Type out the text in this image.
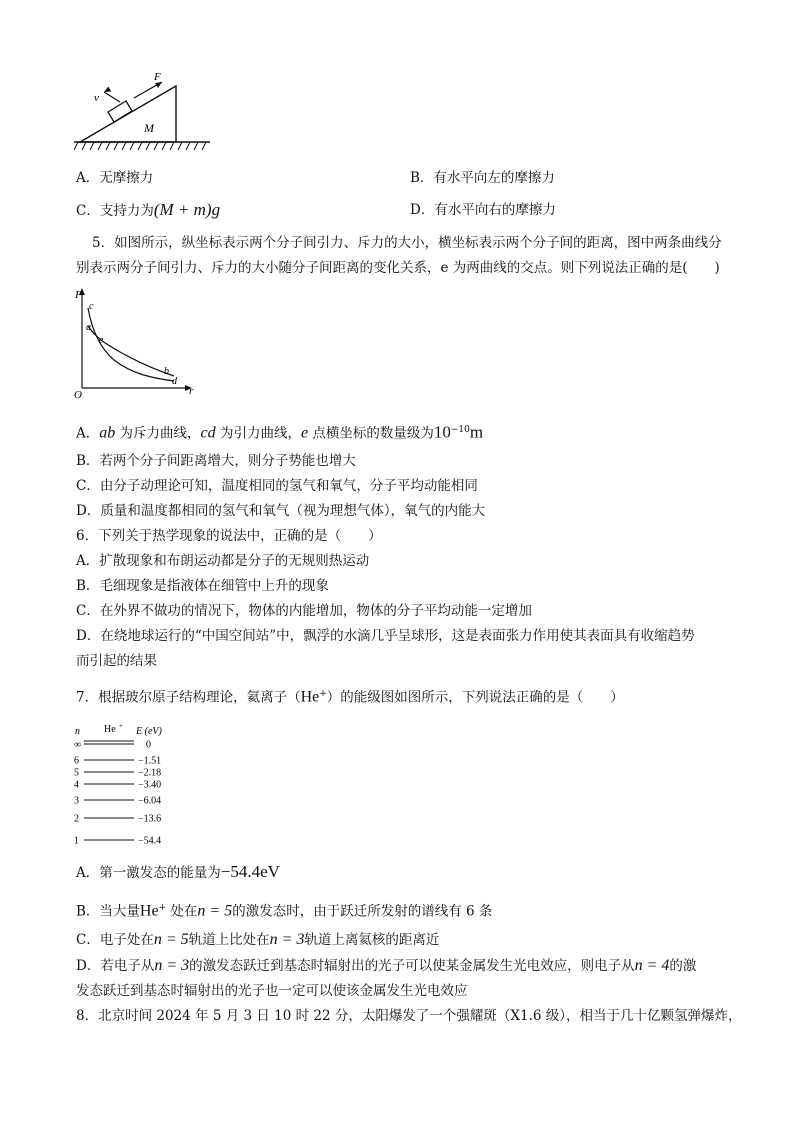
v
F
M
A．无摩擦力	B．有水平向左的摩擦力
C．支持力为(M + m)g	D．有水平向右的摩擦力
5．如图所示，纵坐标表示两个分子间引力、斥力的大小，横坐标表示两个分子间的距离，图中两条曲线分
别表示两分子间引力、斥力的大小随分子间距离的变化关系，e 为两曲线的交点。则下列说法正确的是(　　)
F
O	r
c
a
e
b
d
A．ab 为斥力曲线，cd 为引力曲线，e 点横坐标的数量级为$10^{-10}m$
B．若两个分子间距离增大，则分子势能也增大
C．由分子动理论可知，温度相同的氢气和氧气，分子平均动能相同
D．质量和温度都相同的氢气和氧气（视为理想气体），氧气的内能大
6．下列关于热学现象的说法中，正确的是（　　）
A．扩散现象和布朗运动都是分子的无规则热运动
B．毛细现象是指液体在细管中上升的现象
C．在外界不做功的情况下，物体的内能增加，物体的分子平均动能一定增加
D．在绕地球运行的“中国空间站”中，飘浮的水滴几乎呈球形，这是表面张力作用使其表面具有收缩趋势
而引起的结果
7．根据玻尔原子结构理论，氦离子（He+）的能级图如图所示，下列说法正确的是（　　）
n He + E (eV)
∞	0
6	−1.51
5	−2.18
4	−3.40
3	−6.04
2	−13.6
1	−54.4
A．第一激发态的能量为−54.4eV
B．当大量He+ 处在n = 5的激发态时，由于跃迁所发射的谱线有 6 条
C．电子处在n = 5轨道上比处在n = 3轨道上离氦核的距离近
D．若电子从n = 3的激发态跃迁到基态时辐射出的光子可以使某金属发生光电效应，则电子从n = 4的激
发态跃迁到基态时辐射出的光子也一定可以使该金属发生光电效应
8．北京时间 2024 年 5 月 3 日 10 时 22 分，太阳爆发了一个强耀斑（X1.6 级），相当于几十亿颗氢弹爆炸，
